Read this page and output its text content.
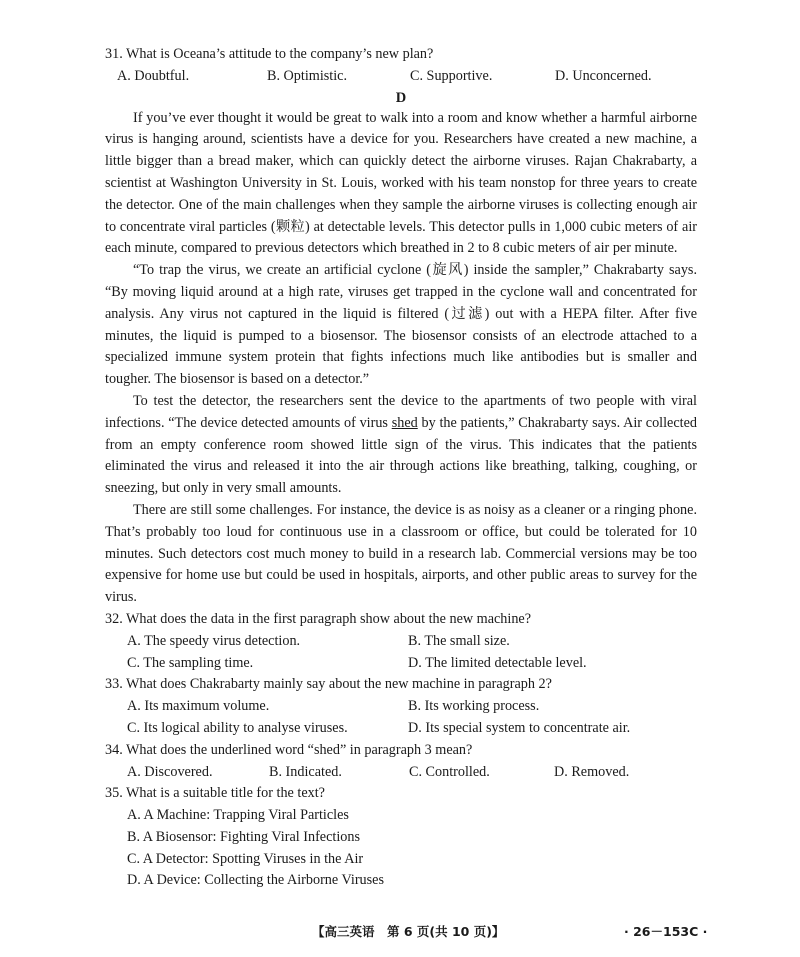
31. What is Oceana’s attitude to the company’s new plan?
A. Doubtful.	B. Optimistic.	C. Supportive.	D. Unconcerned.
D

If you’ve ever thought it would be great to walk into a room and know whether a harmful airborne virus is hanging around, scientists have a device for you. Researchers have created a new machine, a little bigger than a bread maker, which can quickly detect the airborne viruses. Rajan Chakrabarty, a scientist at Washington University in St. Louis, worked with his team nonstop for three years to create the detector. One of the main challenges when they sample the airborne viruses is collecting enough air to concentrate viral particles (颗粒) at detectable levels. This detector pulls in 1,000 cubic meters of air each minute, compared to previous detectors which breathed in 2 to 8 cubic meters of air per minute.

“To trap the virus, we create an artificial cyclone (旋风) inside the sampler,” Chakrabarty says. “By moving liquid around at a high rate, viruses get trapped in the cyclone wall and concentrated for analysis. Any virus not captured in the liquid is filtered (过滤) out with a HEPA filter. After five minutes, the liquid is pumped to a biosensor. The biosensor consists of an electrode attached to a specialized immune system protein that fights infections much like antibodies but is smaller and tougher. The biosensor is based on a detector.”

To test the detector, the researchers sent the device to the apartments of two people with viral infections. “The device detected amounts of virus shed by the patients,” Chakrabarty says. Air collected from an empty conference room showed little sign of the virus. This indicates that the patients eliminated the virus and released it into the air through actions like breathing, talking, coughing, or sneezing, but only in very small amounts.

There are still some challenges. For instance, the device is as noisy as a cleaner or a ringing phone. That’s probably too loud for continuous use in a classroom or office, but could be tolerated for 10 minutes. Such detectors cost much money to build in a research lab. Commercial versions may be too expensive for home use but could be used in hospitals, airports, and other public areas to survey for the virus.

32. What does the data in the first paragraph show about the new machine?
A. The speedy virus detection.	B. The small size.
C. The sampling time.	D. The limited detectable level.
33. What does Chakrabarty mainly say about the new machine in paragraph 2?
A. Its maximum volume.	B. Its working process.
C. Its logical ability to analyse viruses.	D. Its special system to concentrate air.
34. What does the underlined word “shed” in paragraph 3 mean?
A. Discovered.	B. Indicated.	C. Controlled.	D. Removed.
35. What is a suitable title for the text?
A. A Machine: Trapping Viral Particles
B. A Biosensor: Fighting Viral Infections
C. A Detector: Spotting Viruses in the Air
D. A Device: Collecting the Airborne Viruses
【高三英语　第 6 页(共 10 页)】	· 26－153C ·
